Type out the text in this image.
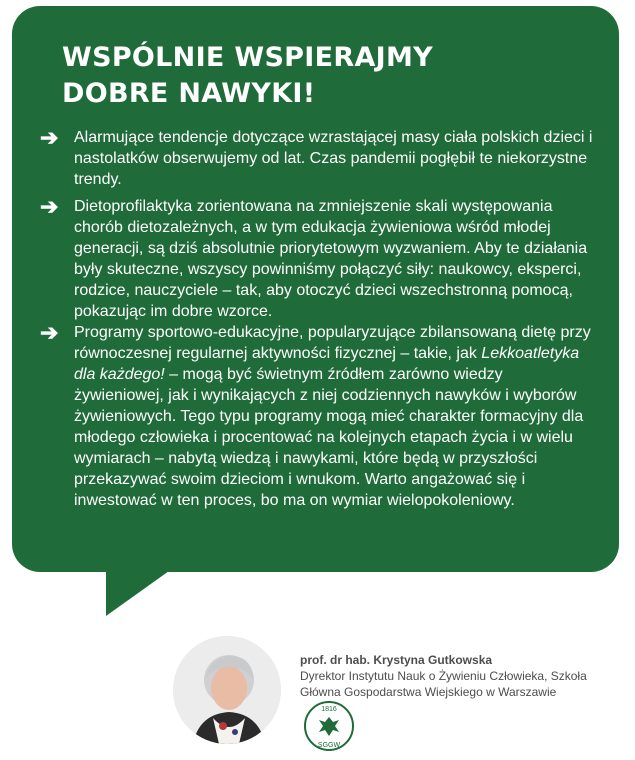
WSPÓLNIE WSPIERAJMY DOBRE NAWYKI!
➔ Alarmujące tendencje dotyczące wzrastającej masy ciała polskich dzieci i nastolatków obserwujemy od lat. Czas pandemii pogłębił te niekorzystne trendy.

➔ Dietoprofilaktyka zorientowana na zmniejszenie skali występowania chorób dietozależnych, a w tym edukacja żywieniowa wśród młodej generacji, są dziś absolutnie priorytetowym wyzwaniem. Aby te działania były skuteczne, wszyscy powinniśmy połączyć siły: naukowcy, eksperci, rodzice, nauczyciele – tak, aby otoczyć dzieci wszechstronną pomocą, pokazując im dobre wzorce.

➔ Programy sportowo-edukacyjne, popularyzujące zbilansowaną dietę przy równoczesnej regularnej aktywności fizycznej – takie, jak Lekkoatletyka dla każdego! – mogą być świetnym źródłem zarówno wiedzy żywieniowej, jak i wynikających z niej codziennych nawyków i wyborów żywieniowych. Tego typu programy mogą mieć charakter formacyjny dla młodego człowieka i procentować na kolejnych etapach życia i w wielu wymiarach – nabytą wiedzą i nawykami, które będą w przyszłości przekazywać swoim dzieciom i wnukom. Warto angażować się i inwestować w ten proces, bo ma on wymiar wielopokoleniowy.

prof. dr hab. Krystyna Gutkowska
Dyrektor Instytutu Nauk o Żywieniu Człowieka, Szkoła Główna Gospodarstwa Wiejskiego w Warszawie
1816
SGGW
